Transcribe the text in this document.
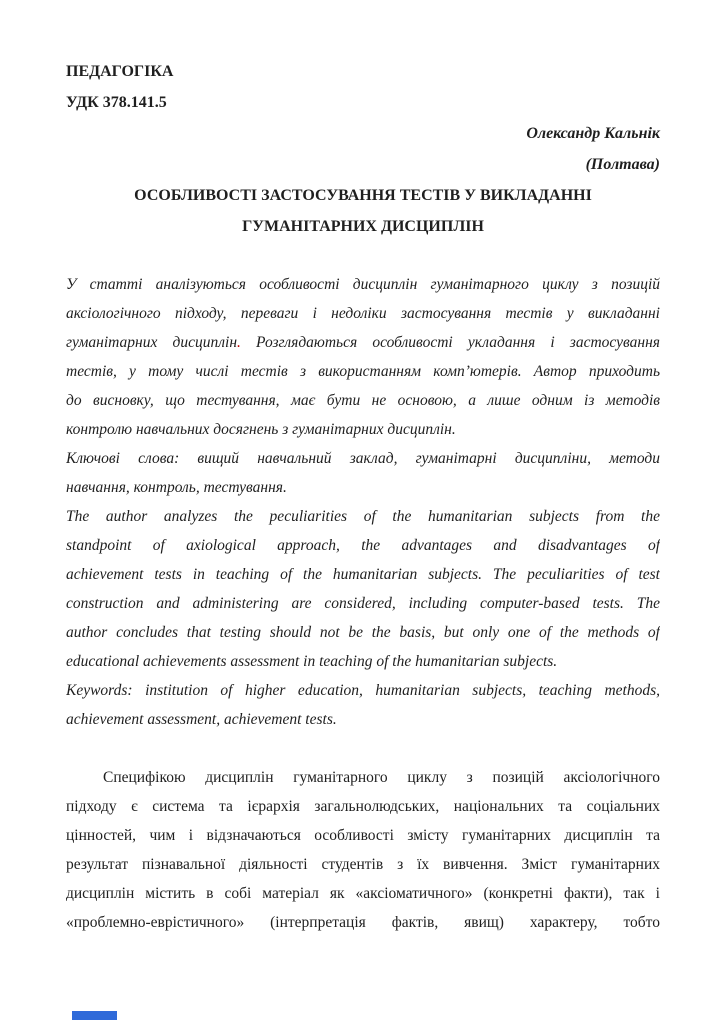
ПЕДАГОГІКА
УДК 378.141.5
Олександр Кальнік
(Полтава)
ОСОБЛИВОСТІ ЗАСТОСУВАННЯ ТЕСТІВ У ВИКЛАДАННІ
ГУМАНІТАРНИХ ДИСЦИПЛІН
У статті аналізуються особливості дисциплін гуманітарного циклу з позицій
аксіологічного підходу, переваги і недоліки застосування тестів у викладанні
гуманітарних дисциплін. Розглядаються особливості укладання і застосування
тестів, у тому числі тестів з використанням комп’ютерів. Автор приходить
до висновку, що тестування, має бути не основою, а лише одним із методів
контролю навчальних досягнень з гуманітарних дисциплін.
Ключові слова: вищий навчальний заклад, гуманітарні дисципліни, методи
навчання, контроль, тестування.
The author analyzes the peculiarities of the humanitarian subjects from the
standpoint of axiological approach, the advantages and disadvantages of
achievement tests in teaching of the humanitarian subjects. The peculiarities of test
construction and administering are considered, including computer-based tests. The
author concludes that testing should not be the basis, but only one of the methods of
educational achievements assessment in teaching of the humanitarian subjects.
Keywords: institution of higher education, humanitarian subjects, teaching methods,
achievement assessment, achievement tests.
Специфікою дисциплін гуманітарного циклу з позицій аксіологічного
підходу є система та ієрархія загальнолюдських, національних та соціальних
цінностей, чим і відзначаються особливості змісту гуманітарних дисциплін та
результат пізнавальної діяльності студентів з їх вивчення. Зміст гуманітарних
дисциплін містить в собі матеріал як «аксіоматичного» (конкретні факти), так і
«проблемно-еврістичного» (інтерпретація фактів, явищ) характеру, тобто
